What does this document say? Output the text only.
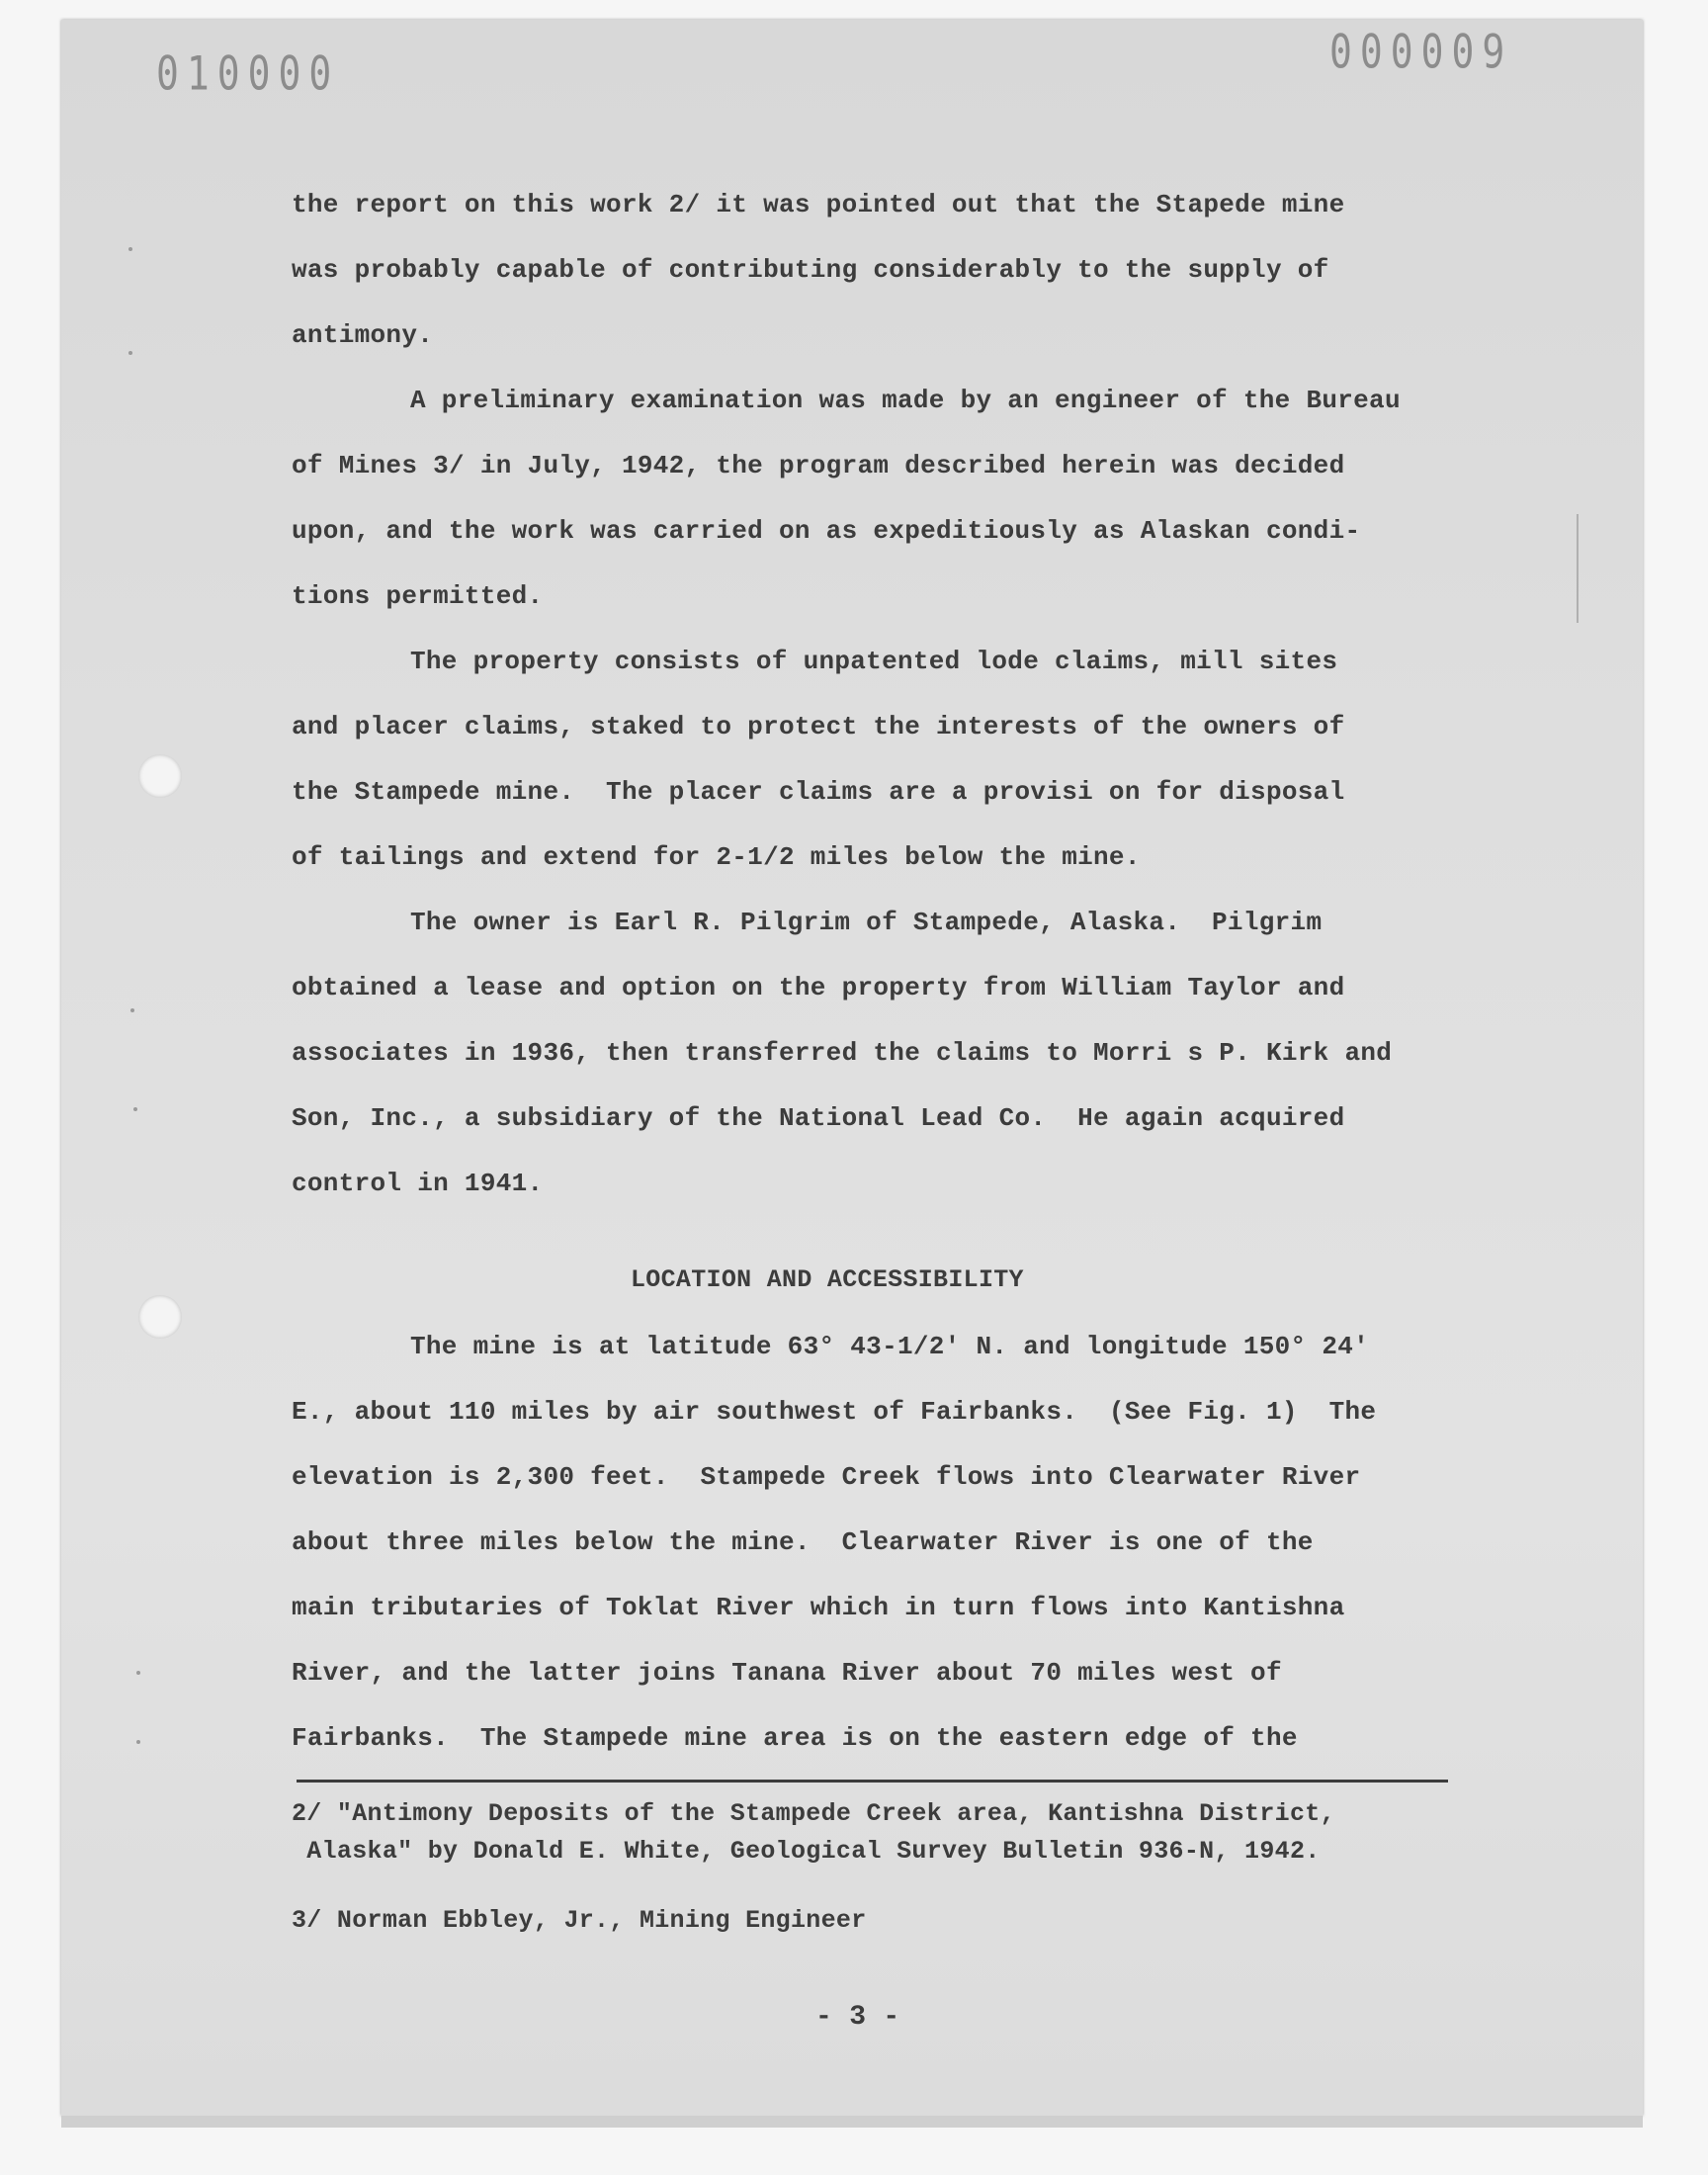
010000	000009
the report on this work 2/ it was pointed out that the Stapede mine
was probably capable of contributing considerably to the supply of
antimony.
A preliminary examination was made by an engineer of the Bureau
of Mines 3/ in July, 1942, the program described herein was decided
upon, and the work was carried on as expeditiously as Alaskan condi-
tions permitted.
The property consists of unpatented lode claims, mill sites
and placer claims, staked to protect the interests of the owners of
the Stampede mine.  The placer claims are a provisi on for disposal
of tailings and extend for 2-1/2 miles below the mine.
The owner is Earl R. Pilgrim of Stampede, Alaska.  Pilgrim
obtained a lease and option on the property from William Taylor and
associates in 1936, then transferred the claims to Morri s P. Kirk and
Son, Inc., a subsidiary of the National Lead Co.  He again acquired
control in 1941.
LOCATION AND ACCESSIBILITY
The mine is at latitude 63° 43-1/2' N. and longitude 150° 24'
E., about 110 miles by air southwest of Fairbanks.  (See Fig. 1)  The
elevation is 2,300 feet.  Stampede Creek flows into Clearwater River
about three miles below the mine.  Clearwater River is one of the
main tributaries of Toklat River which in turn flows into Kantishna
River, and the latter joins Tanana River about 70 miles west of
Fairbanks.  The Stampede mine area is on the eastern edge of the
2/ "Antimony Deposits of the Stampede Creek area, Kantishna District,
Alaska" by Donald E. White, Geological Survey Bulletin 936-N, 1942.
3/ Norman Ebbley, Jr., Mining Engineer
- 3 -
